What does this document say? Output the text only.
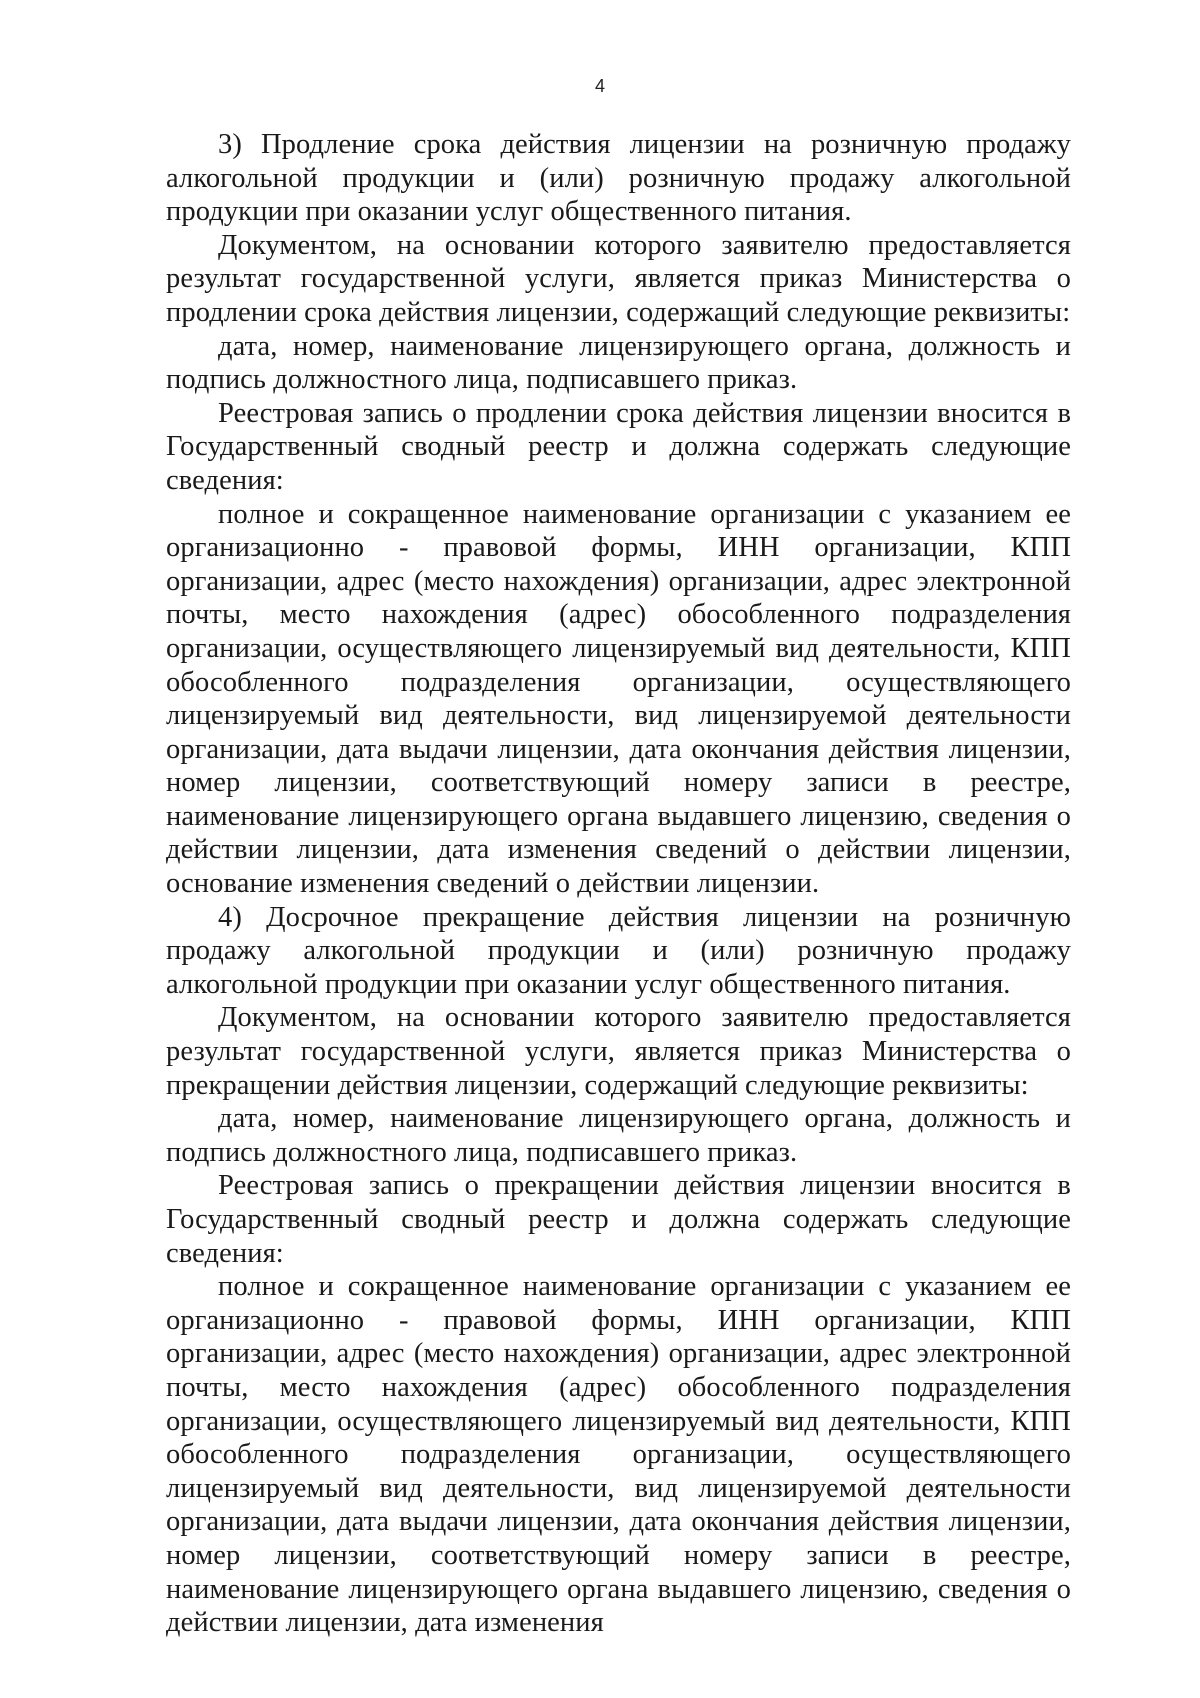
4

3) Продление срока действия лицензии на розничную продажу алкогольной продукции и (или) розничную продажу алкогольной продукции при оказании услуг общественного питания.

Документом, на основании которого заявителю предоставляется результат государственной услуги, является приказ Министерства о продлении срока действия лицензии, содержащий следующие реквизиты:

дата, номер, наименование лицензирующего органа, должность и подпись должностного лица, подписавшего приказ.

Реестровая запись о продлении срока действия лицензии вносится в Государственный сводный реестр и должна содержать следующие сведения:

полное и сокращенное наименование организации с указанием ее организационно - правовой формы, ИНН организации, КПП организации, адрес (место нахождения) организации, адрес электронной почты, место нахождения (адрес) обособленного подразделения организации, осуществляющего лицензируемый вид деятельности, КПП обособленного подразделения организации, осуществляющего лицензируемый вид деятельности, вид лицензируемой деятельности организации, дата выдачи лицензии, дата окончания действия лицензии, номер лицензии, соответствующий номеру записи в реестре, наименование лицензирующего органа выдавшего лицензию, сведения о действии лицензии, дата изменения сведений о действии лицензии, основание изменения сведений о действии лицензии.

4) Досрочное прекращение действия лицензии на розничную продажу алкогольной продукции и (или) розничную продажу алкогольной продукции при оказании услуг общественного питания.

Документом, на основании которого заявителю предоставляется результат государственной услуги, является приказ Министерства о прекращении действия лицензии, содержащий следующие реквизиты:

дата, номер, наименование лицензирующего органа, должность и подпись должностного лица, подписавшего приказ.

Реестровая запись о прекращении действия лицензии вносится в Государственный сводный реестр и должна содержать следующие сведения:

полное и сокращенное наименование организации с указанием ее организационно - правовой формы, ИНН организации, КПП организации, адрес (место нахождения) организации, адрес электронной почты, место нахождения (адрес) обособленного подразделения организации, осуществляющего лицензируемый вид деятельности, КПП обособленного подразделения организации, осуществляющего лицензируемый вид деятельности, вид лицензируемой деятельности организации, дата выдачи лицензии, дата окончания действия лицензии, номер лицензии, соответствующий номеру записи в реестре, наименование лицензирующего органа выдавшего лицензию, сведения о действии лицензии, дата изменения
